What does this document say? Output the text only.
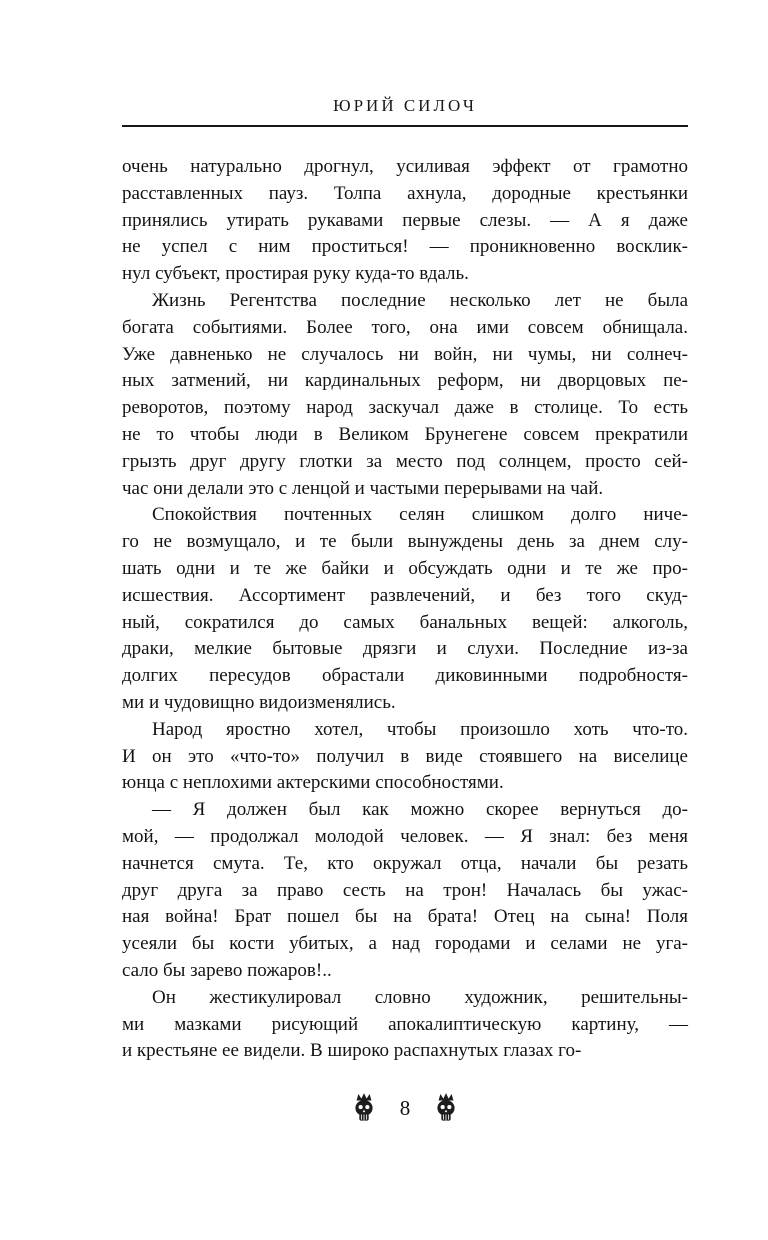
ЮРИЙ СИЛОЧ
очень натурально дрогнул, усиливая эффект от грамотно
расставленных пауз. Толпа ахнула, дородные крестьянки
принялись утирать рукавами первые слезы. — А я даже
не успел с ним проститься! — проникновенно восклик-
нул субъект, простирая руку куда-то вдаль.
Жизнь Регентства последние несколько лет не была
богата событиями. Более того, она ими совсем обнищала.
Уже давненько не случалось ни войн, ни чумы, ни солнеч-
ных затмений, ни кардинальных реформ, ни дворцовых пе-
реворотов, поэтому народ заскучал даже в столице. То есть
не то чтобы люди в Великом Брунегене совсем прекратили
грызть друг другу глотки за место под солнцем, просто сей-
час они делали это с ленцой и частыми перерывами на чай.
Спокойствия почтенных селян слишком долго ниче-
го не возмущало, и те были вынуждены день за днем слу-
шать одни и те же байки и обсуждать одни и те же про-
исшествия. Ассортимент развлечений, и без того скуд-
ный, сократился до самых банальных вещей: алкоголь,
драки, мелкие бытовые дрязги и слухи. Последние из-за
долгих пересудов обрастали диковинными подробностя-
ми и чудовищно видоизменялись.
Народ яростно хотел, чтобы произошло хоть что-то.
И он это «что-то» получил в виде стоявшего на виселице
юнца с неплохими актерскими способностями.
— Я должен был как можно скорее вернуться до-
мой, — продолжал молодой человек. — Я знал: без меня
начнется смута. Те, кто окружал отца, начали бы резать
друг друга за право сесть на трон! Началась бы ужас-
ная война! Брат пошел бы на брата! Отец на сына! Поля
усеяли бы кости убитых, а над городами и селами не уга-
сало бы зарево пожаров!..
Он жестикулировал словно художник, решительны-
ми мазками рисующий апокалиптическую картину, —
и крестьяне ее видели. В широко распахнутых глазах го-
8
